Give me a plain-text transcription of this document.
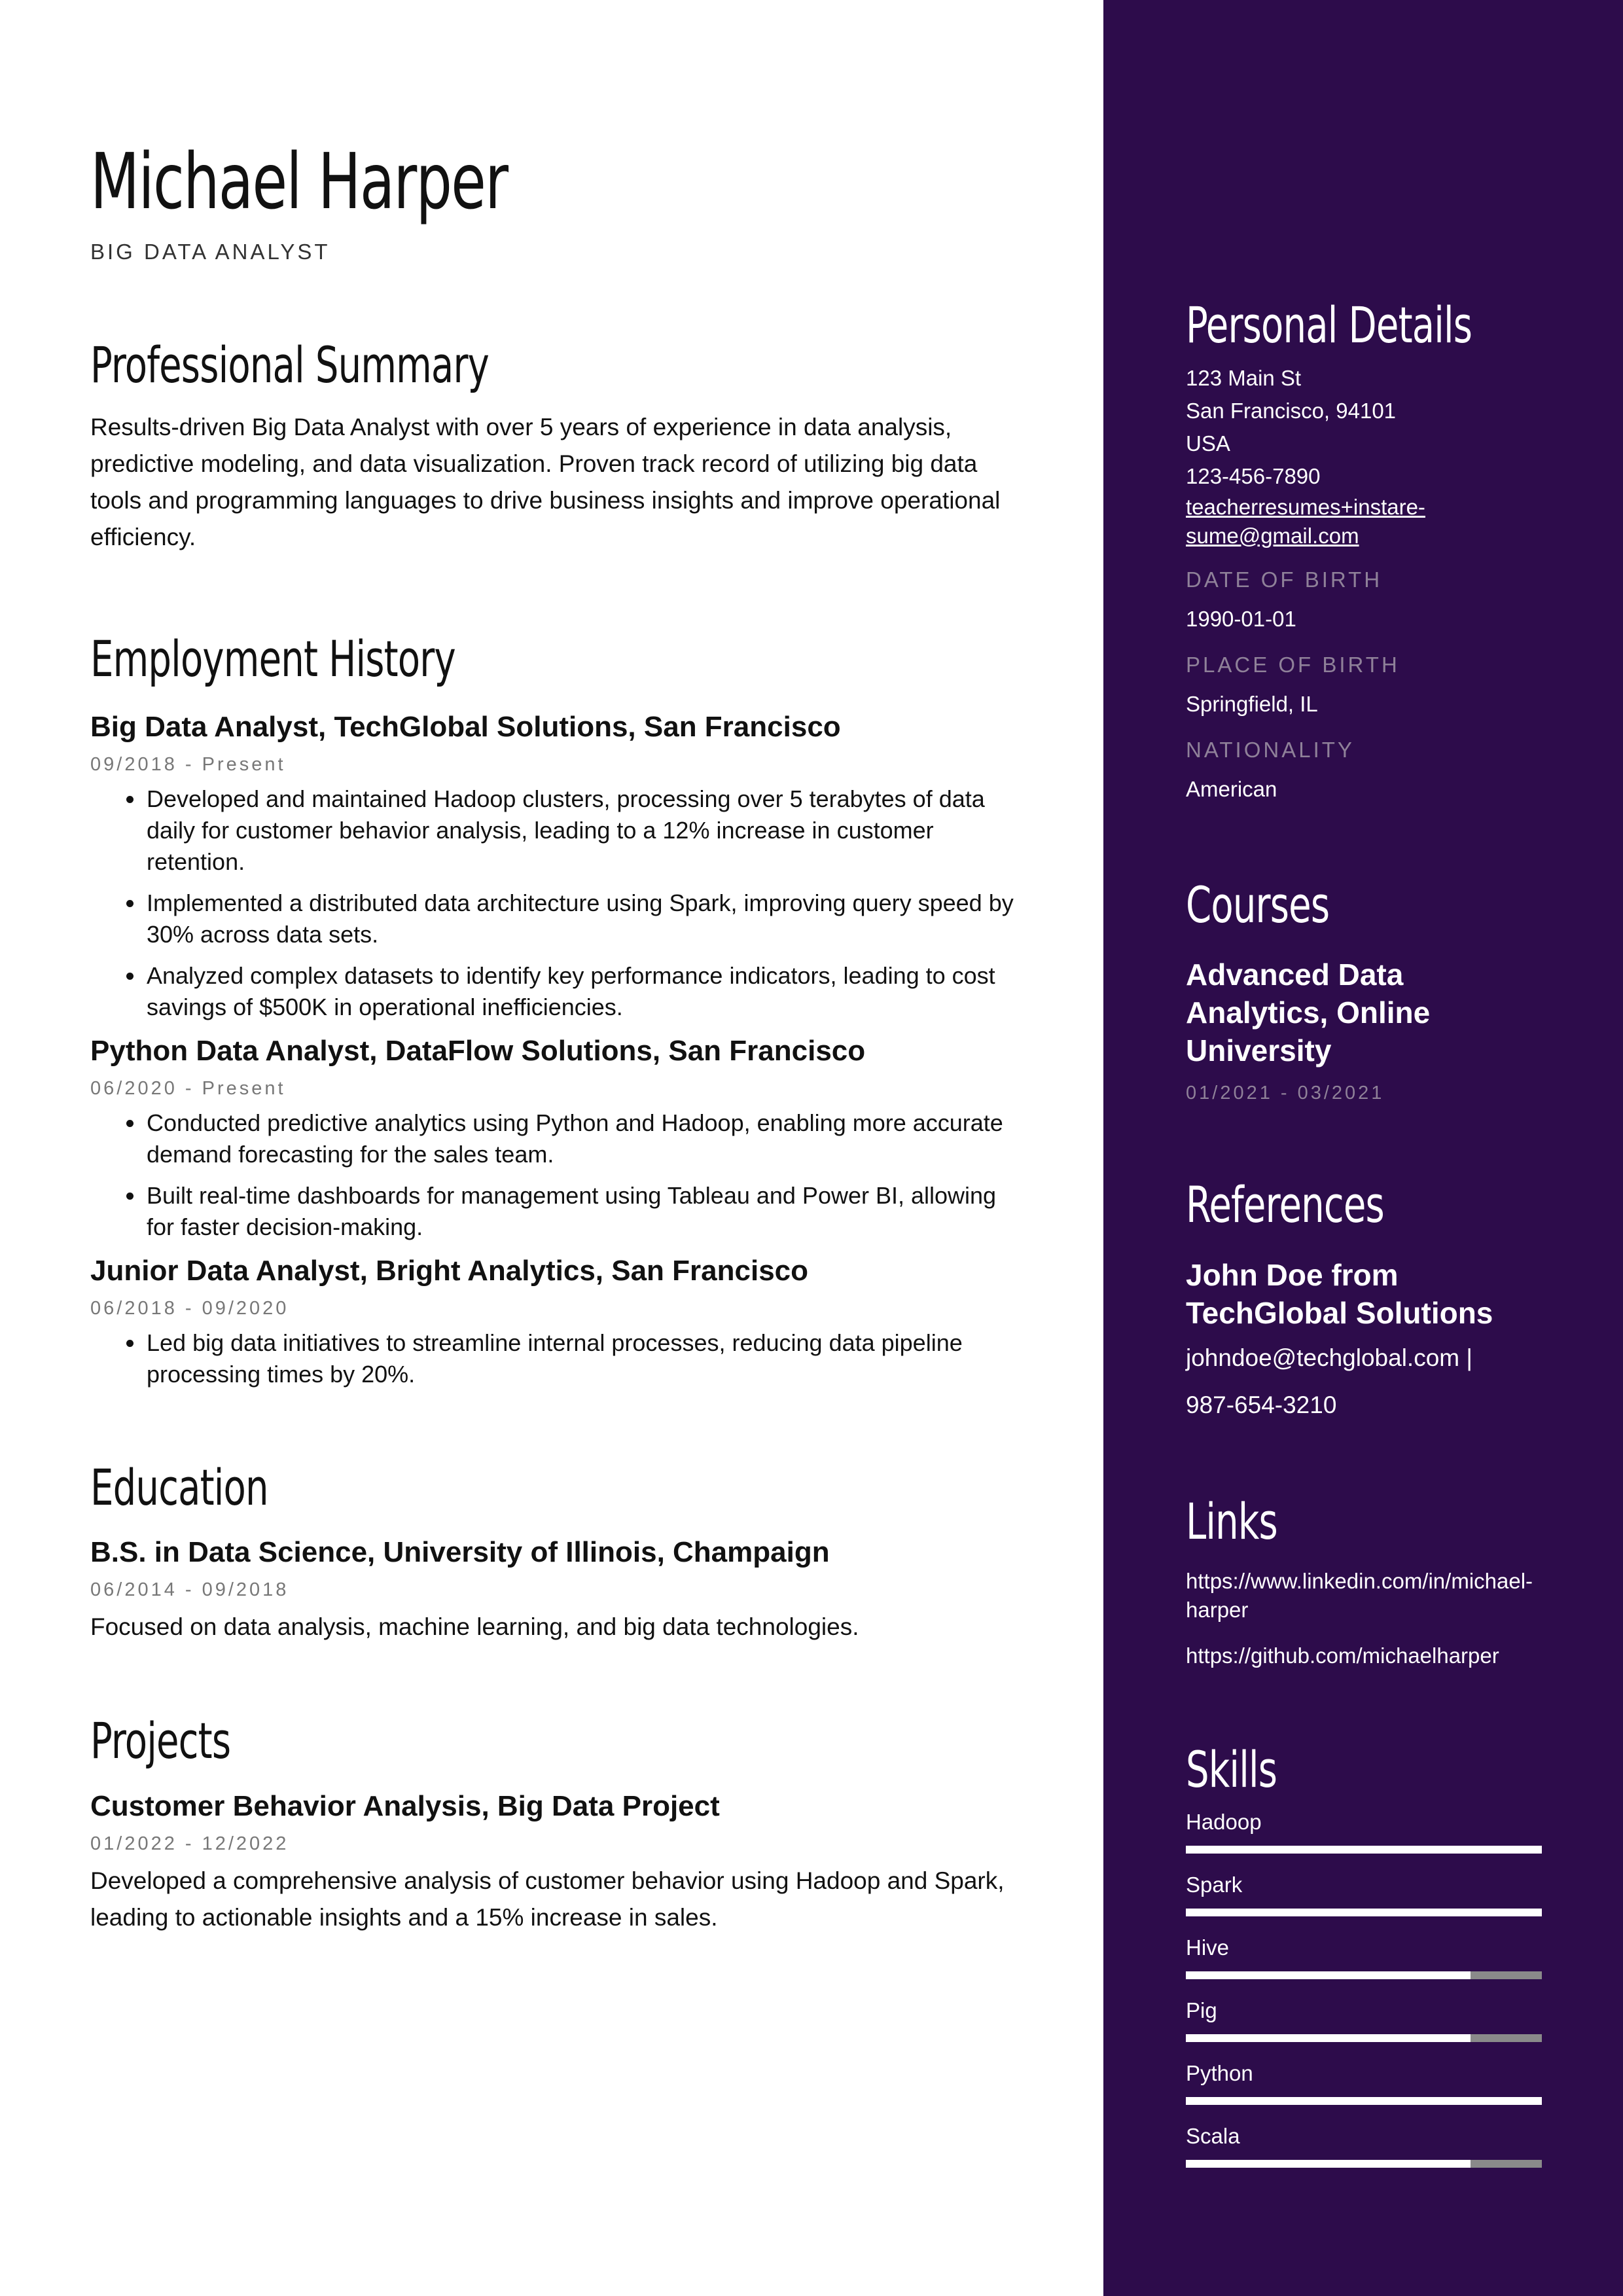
Michael Harper
BIG DATA ANALYST
Professional Summary

Results-driven Big Data Analyst with over 5 years of experience in data analysis, predictive modeling, and data visualization. Proven track record of utilizing big data tools and programming languages to drive business insights and improve operational efficiency.

Employment History
Big Data Analyst, TechGlobal Solutions, San Francisco
09/2018 - Present
• Developed and maintained Hadoop clusters, processing over 5 terabytes of data daily for customer behavior analysis, leading to a 12% increase in customer retention.
• Implemented a distributed data architecture using Spark, improving query speed by 30% across data sets.
• Analyzed complex datasets to identify key performance indicators, leading to cost savings of $500K in operational inefficiencies.
Python Data Analyst, DataFlow Solutions, San Francisco
06/2020 - Present
• Conducted predictive analytics using Python and Hadoop, enabling more accurate demand forecasting for the sales team.
• Built real-time dashboards for management using Tableau and Power BI, allowing for faster decision-making.
Junior Data Analyst, Bright Analytics, San Francisco
06/2018 - 09/2020
• Led big data initiatives to streamline internal processes, reducing data pipeline processing times by 20%.
Education
B.S. in Data Science, University of Illinois, Champaign
06/2014 - 09/2018

Focused on data analysis, machine learning, and big data technologies.

Projects
Customer Behavior Analysis, Big Data Project
01/2022 - 12/2022

Developed a comprehensive analysis of customer behavior using Hadoop and Spark, leading to actionable insights and a 15% increase in sales.

Personal Details
123 Main St
San Francisco, 94101
USA
123-456-7890
teacherresumes+instare-
sume@gmail.com
DATE OF BIRTH
1990-01-01
PLACE OF BIRTH
Springfield, IL
NATIONALITY
American
Courses
Advanced Data Analytics, Online University
01/2021 - 03/2021
References
John Doe from TechGlobal Solutions
johndoe@techglobal.com |
987-654-3210
Links
https://www.linkedin.com/in/michael-
harper
https://github.com/michaelharper
Skills
Hadoop
Spark
Hive
Pig
Python
Scala
